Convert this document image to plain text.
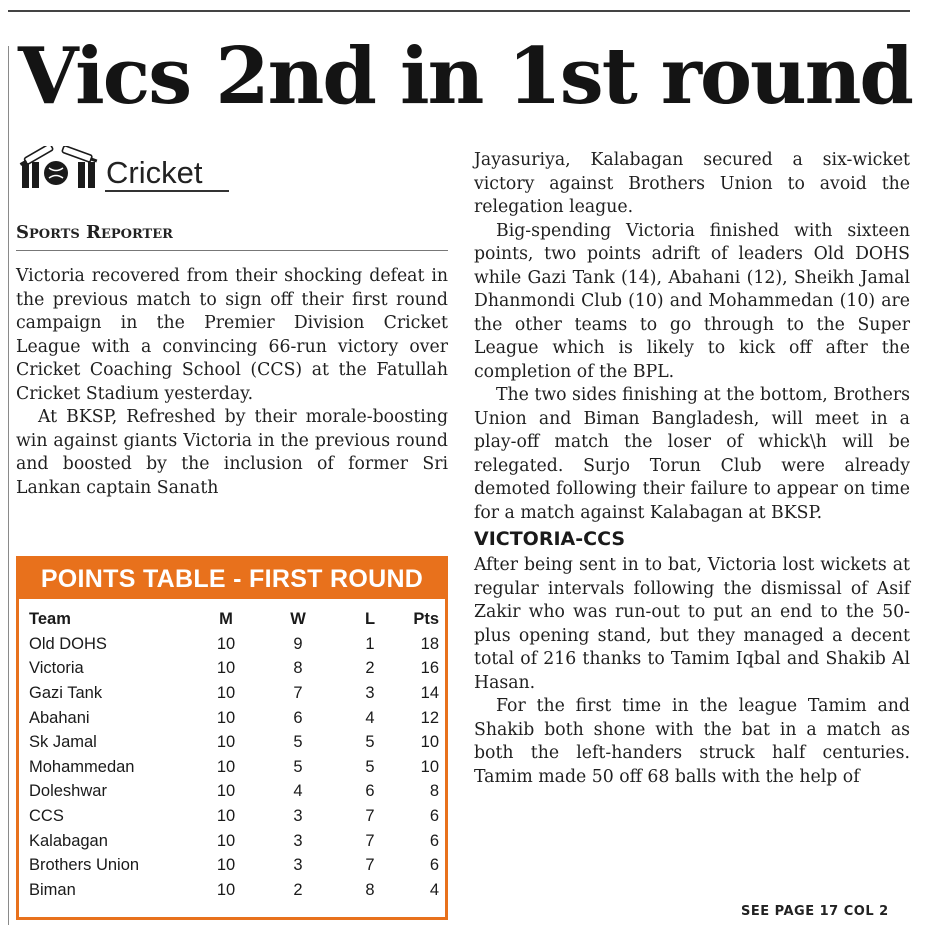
Vics 2nd in 1st round
Cricket
Sports Reporter

Victoria recovered from their shocking defeat in the previous match to sign off their first round campaign in the Premier Division Cricket League with a convincing 66-run victory over Cricket Coaching School (CCS) at the Fatullah Cricket Stadium yesterday.

At BKSP, Refreshed by their morale-boosting win against giants Victoria in the previous round and boosted by the inclusion of former Sri Lankan captain Sanath

POINTS TABLE - FIRST ROUND
Team	M	W	L	Pts
Old DOHS	10	9	1	18
Victoria	10	8	2	16
Gazi Tank	10	7	3	14
Abahani	10	6	4	12
Sk Jamal	10	5	5	10
Mohammedan	10	5	5	10
Doleshwar	10	4	6	8
CCS	10	3	7	6
Kalabagan	10	3	7	6
Brothers Union	10	3	7	6
Biman	10	2	8	4

Jayasuriya, Kalabagan secured a six-wicket victory against Brothers Union to avoid the relegation league.

Big-spending Victoria finished with sixteen points, two points adrift of leaders Old DOHS while Gazi Tank (14), Abahani (12), Sheikh Jamal Dhanmondi Club (10) and Mohammedan (10) are the other teams to go through to the Super League which is likely to kick off after the completion of the BPL.

The two sides finishing at the bottom, Brothers Union and Biman Bangladesh, will meet in a play-off match the loser of whick\h will be relegated. Surjo Torun Club were already demoted following their failure to appear on time for a match against Kalabagan at BKSP.

VICTORIA-CCS

After being sent in to bat, Victoria lost wickets at regular intervals following the dismissal of Asif Zakir who was run-out to put an end to the 50-plus opening stand, but they managed a decent total of 216 thanks to Tamim Iqbal and Shakib Al Hasan.

For the first time in the league Tamim and Shakib both shone with the bat in a match as both the left-handers struck half centuries. Tamim made 50 off 68 balls with the help of

SEE PAGE 17 COL 2
